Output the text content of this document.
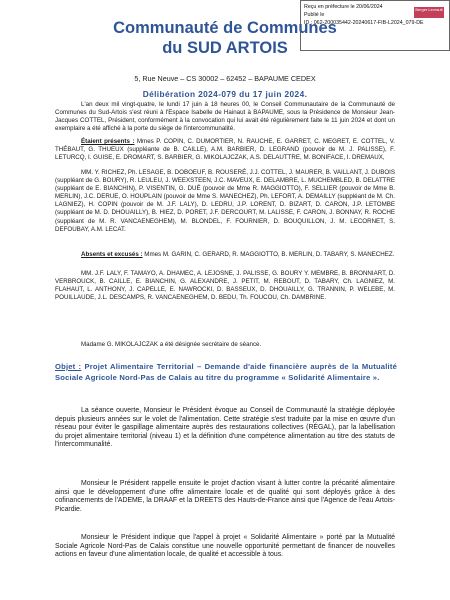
Reçu en préfecture le 20/06/2024
Publié le
ID : 062-200035442-20240617-FIB-L2024_079-DE
Berger Levrault
Communauté de Communes
du SUD ARTOIS
5, Rue Neuve – CS 30002 – 62452 – BAPAUME CEDEX
Délibération 2024-079 du 17 juin 2024.
L'an deux mil vingt-quatre, le lundi 17 juin à 18 heures 00, le Conseil Communautaire de la Communauté de Communes du Sud-Artois s'est réuni à l'Espace Isabelle de Hainaut à BAPAUME, sous la Présidence de Monsieur Jean-Jacques COTTEL, Président, conformément à la convocation qui lui avait été régulièrement faite le 11 juin 2024 et dont un exemplaire a été affiché à la porte du siège de l'intercommunalité.
Étaient présents : Mmes P. COPIN, C. DUMORTIER, N. RAUCHE, E. GARRET, C. MEGRET, E. COTTEL, V. THÉBAUT, G. THUEUX (suppléante de B. CAILLE), A.M. BARBIER, D. LEGRAND (pouvoir de M. J. PALISSE), F. LETURCQ, I. GUISE, E. DROMART, S. BARBIER, G. MIKOLAJCZAK, A.S. DELAUTTRE, M. BONIFACE, I. DREMAUX,
MM. Y. RICHEZ, Ph. LESAGE, B. DOBOEUF, B. ROUSERÉ, J.J. COTTEL, J. MAURER, B. VAILLANT, J. DUBOIS (suppléant de G. BOURY), R. LEULEU, J. WEEXSTEEN, J.C. MAVEUX, E. DELAMBRE, L. MUCHEMBLED, B. DELATTRE (suppléant de E. BIANCHIN), P. VISENTIN, G. DUÉ (pouvoir de Mme R. MAGGIOTTO), F. SELLIER (pouvoir de Mme B. MERLIN), J.C. DERUE, O. HOUPLAIN (pouvoir de Mme S. MANECHEZ), Ph. LEFORT, A. DEMAILLY (suppléant de M. Ch. LAGNIEZ), H. COPIN (pouvoir de M. J.F. LALY), D. LEDRU, J.P. LORENT, D. BIZART, D. CARON, J.P. LETOMBE (suppléant de M. D. DHOUAILLY), B. HIEZ, D. PORET, J.F. DERCOURT, M. LALISSE, F. CARON, J. BONNAY, R. ROCHE (suppléant de M. R. VANCAENEGHEM), M. BLONDEL, F. FOURNIER, D. BOUQUILLON, J. M. LECORNET, S. DEFOUBAY, A.M. LECAT.
Absents et excusés : Mmes M. GARIN, C. GERARD, R. MAGGIOTTO, B. MERLIN, D. TABARY, S. MANECHEZ.
MM. J.F. LALY, F. TAMAYO, A. DHAMEC, A. LEJOSNE, J. PALISSE, G. BOURY Y. MEMBRE, B. BRONNIART, D. VERBROUCK, B. CAILLE, E. BIANCHIN, G. ALEXANDRE, J. PETIT, M. REBOUT, D. TABARY, Ch. LAGNIEZ, M. FLAHAUT, L. ANTHONY, J. CAPELLE, E. NAWROCKI, D. BASSEUX, D. DHOUAILLY, G. TRANNIN, P. WELEBE, M. POUILLAUDE, J.L. DESCAMPS, R. VANCAENEGHEM, D. BEDU, Th. FOUCOU, Ch. DAMBRINE.
Madame G. MIKOLAJCZAK a été désignée secrétaire de séance.
Objet : Projet Alimentaire Territorial – Demande d'aide financière auprès de la Mutualité Sociale Agricole Nord-Pas de Calais au titre du programme « Solidarité Alimentaire ».
La séance ouverte, Monsieur le Président évoque au Conseil de Communauté la stratégie déployée depuis plusieurs années sur le volet de l'alimentation. Cette stratégie s'est traduite par la mise en œuvre d'un réseau pour éviter le gaspillage alimentaire auprès des restaurations collectives (RÉGAL), par la labellisation du projet alimentaire territorial (niveau 1) et la définition d'une compétence alimentation au titre des statuts de l'intercommunalité.
Monsieur le Président rappelle ensuite le projet d'action visant à lutter contre la précarité alimentaire ainsi que le développement d'une offre alimentaire locale et de qualité qui sont déployés grâce à des cofinancements de l'ADEME, la DRAAF et la DREETS des Hauts-de-France ainsi que l'Agence de l'eau Artois-Picardie.
Monsieur le Président indique que l'appel à projet « Solidarité Alimentaire » porté par la Mutualité Sociale Agricole Nord-Pas de Calais constitue une nouvelle opportunité permettant de financer de nouvelles actions en faveur d'une alimentation locale, de qualité et accessible à tous.
